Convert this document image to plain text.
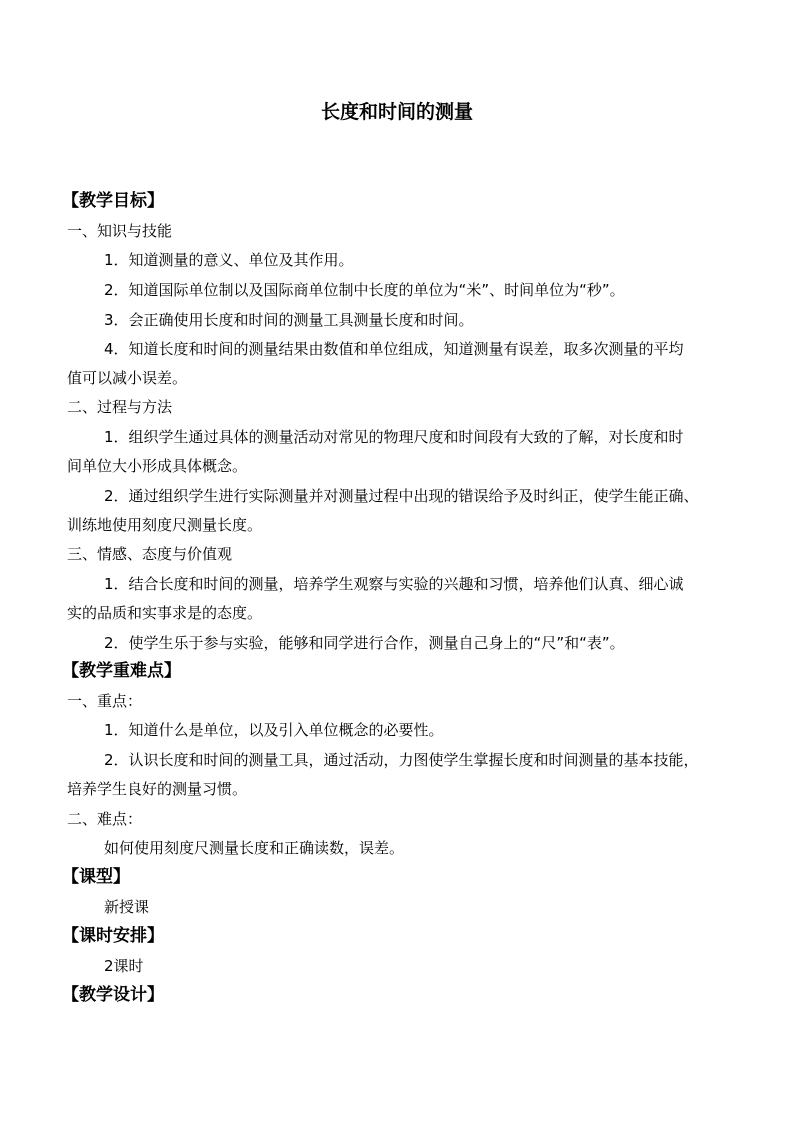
长度和时间的测量
【教学目标】
一、知识与技能
1．知道测量的意义、单位及其作用。
2．知道国际单位制以及国际商单位制中长度的单位为“米”、时间单位为“秒”。
3．会正确使用长度和时间的测量工具测量长度和时间。
4．知道长度和时间的测量结果由数值和单位组成，知道测量有误差，取多次测量的平均
值可以减小误差。
二、过程与方法
1．组织学生通过具体的测量活动对常见的物理尺度和时间段有大致的了解，对长度和时
间单位大小形成具体概念。
2．通过组织学生进行实际测量并对测量过程中出现的错误给予及时纠正，使学生能正确、
训练地使用刻度尺测量长度。
三、情感、态度与价值观
1．结合长度和时间的测量，培养学生观察与实验的兴趣和习惯，培养他们认真、细心诚
实的品质和实事求是的态度。
2．使学生乐于参与实验，能够和同学进行合作，测量自己身上的“尺”和“表”。
【教学重难点】
一、重点：
1．知道什么是单位，以及引入单位概念的必要性。
2．认识长度和时间的测量工具，通过活动，力图使学生掌握长度和时间测量的基本技能，
培养学生良好的测量习惯。
二、难点：
如何使用刻度尺测量长度和正确读数，误差。
【课型】
新授课
【课时安排】
2课时
【教学设计】
